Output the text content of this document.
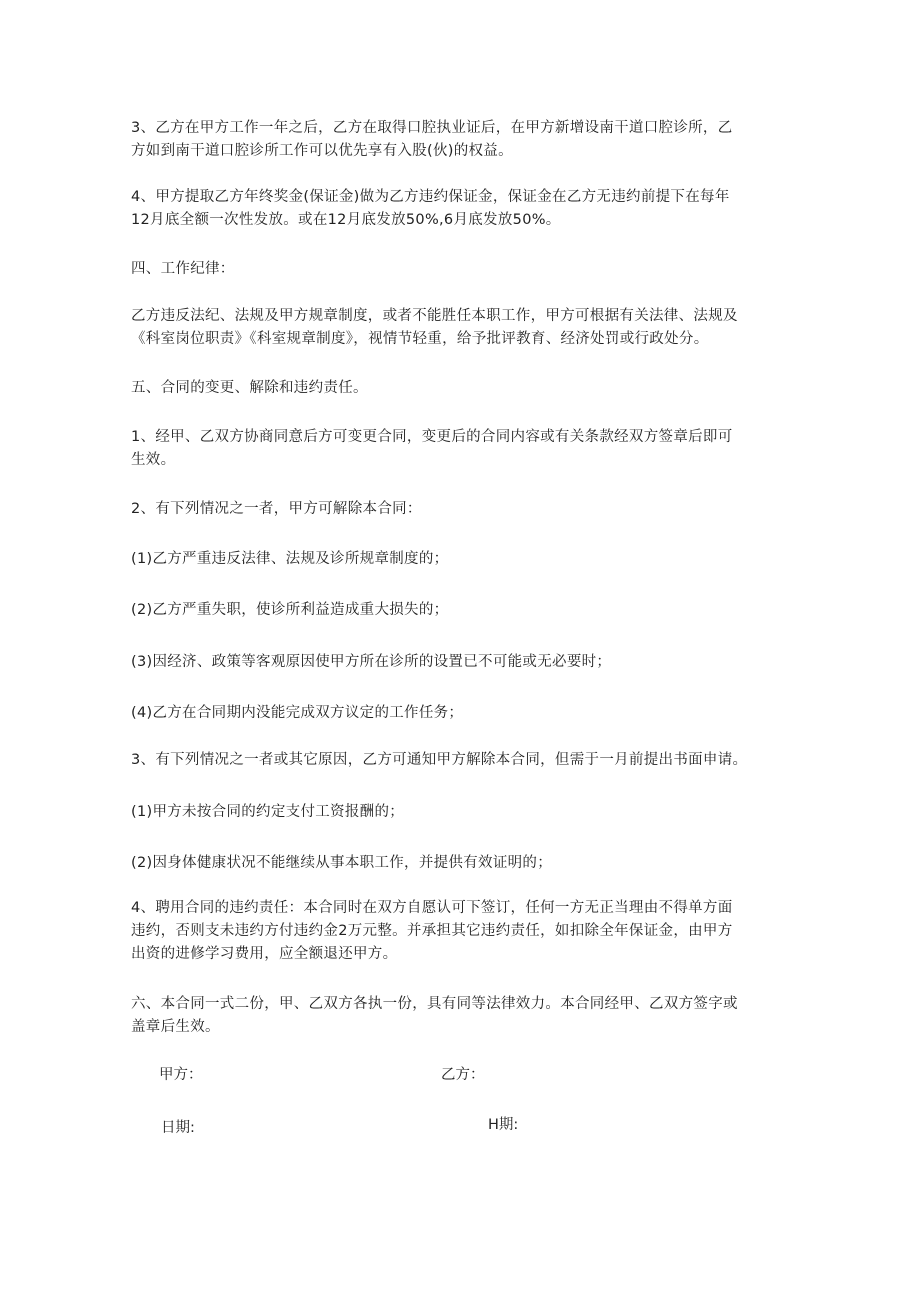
3、乙方在甲方工作一年之后，乙方在取得口腔执业证后，在甲方新增设南干道口腔诊所，乙
方如到南干道口腔诊所工作可以优先享有入股(伙)的权益。

4、甲方提取乙方年终奖金(保证金)做为乙方违约保证金，保证金在乙方无违约前提下在每年
12月底全额一次性发放。或在12月底发放50%,6月底发放50%。

四、工作纪律：

乙方违反法纪、法规及甲方规章制度，或者不能胜任本职工作，甲方可根据有关法律、法规及
《科室岗位职责》《科室规章制度》，视情节轻重，给予批评教育、经济处罚或行政处分。

五、合同的变更、解除和违约责任。

1、经甲、乙双方协商同意后方可变更合同，变更后的合同内容或有关条款经双方签章后即可
生效。

2、有下列情况之一者，甲方可解除本合同：

(1)乙方严重违反法律、法规及诊所规章制度的；

(2)乙方严重失职，使诊所利益造成重大损失的；

(3)因经济、政策等客观原因使甲方所在诊所的设置已不可能或无必要时；

(4)乙方在合同期内没能完成双方议定的工作任务；

3、有下列情况之一者或其它原因，乙方可通知甲方解除本合同，但需于一月前提出书面申请。

(1)甲方未按合同的约定支付工资报酬的；

(2)因身体健康状况不能继续从事本职工作，并提供有效证明的；

4、聘用合同的违约责任：本合同时在双方自愿认可下签订，任何一方无正当理由不得单方面
违约，否则支未违约方付违约金2万元整。并承担其它违约责任，如扣除全年保证金，由甲方
出资的进修学习费用，应全额退还甲方。

六、本合同一式二份，甲、乙双方各执一份，具有同等法律效力。本合同经甲、乙双方签字或
盖章后生效。

甲方：	乙方：

日期:	H期:
